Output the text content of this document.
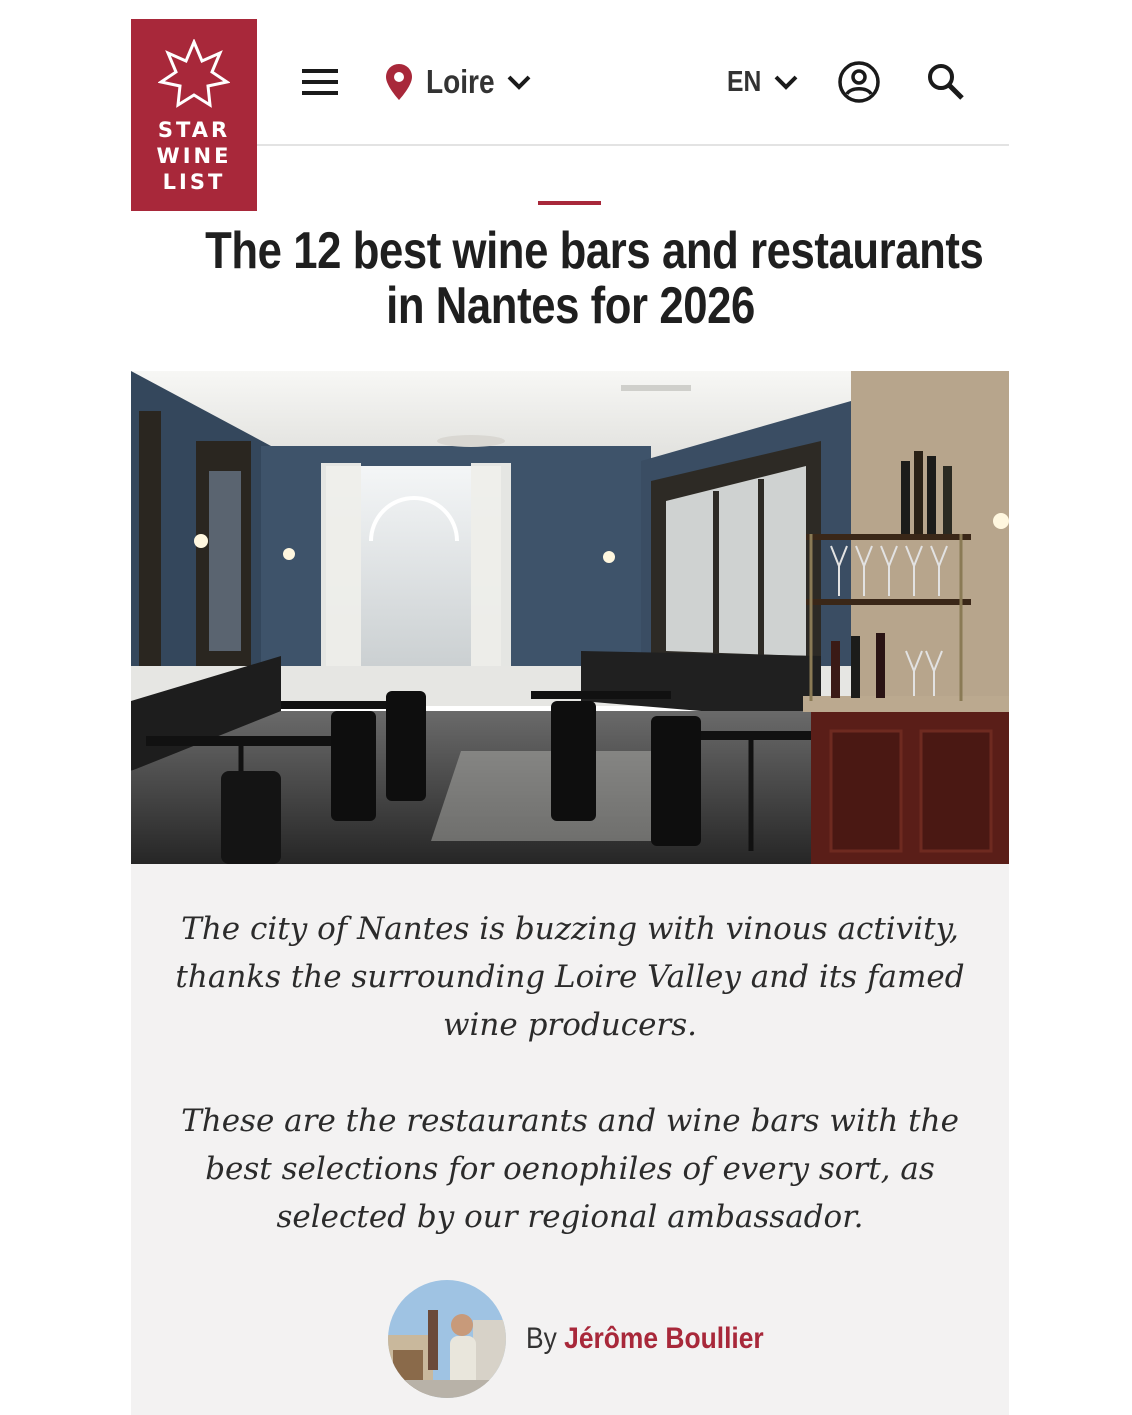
STAR
WINE
LIST
Loire	EN
The 12 best wine bars and restaurants
in Nantes for 2026

The city of Nantes is buzzing with vinous activity,
thanks the surrounding Loire Valley and its famed
wine producers.

These are the restaurants and wine bars with the
best selections for oenophiles of every sort, as
selected by our regional ambassador.

By Jérôme Boullier
